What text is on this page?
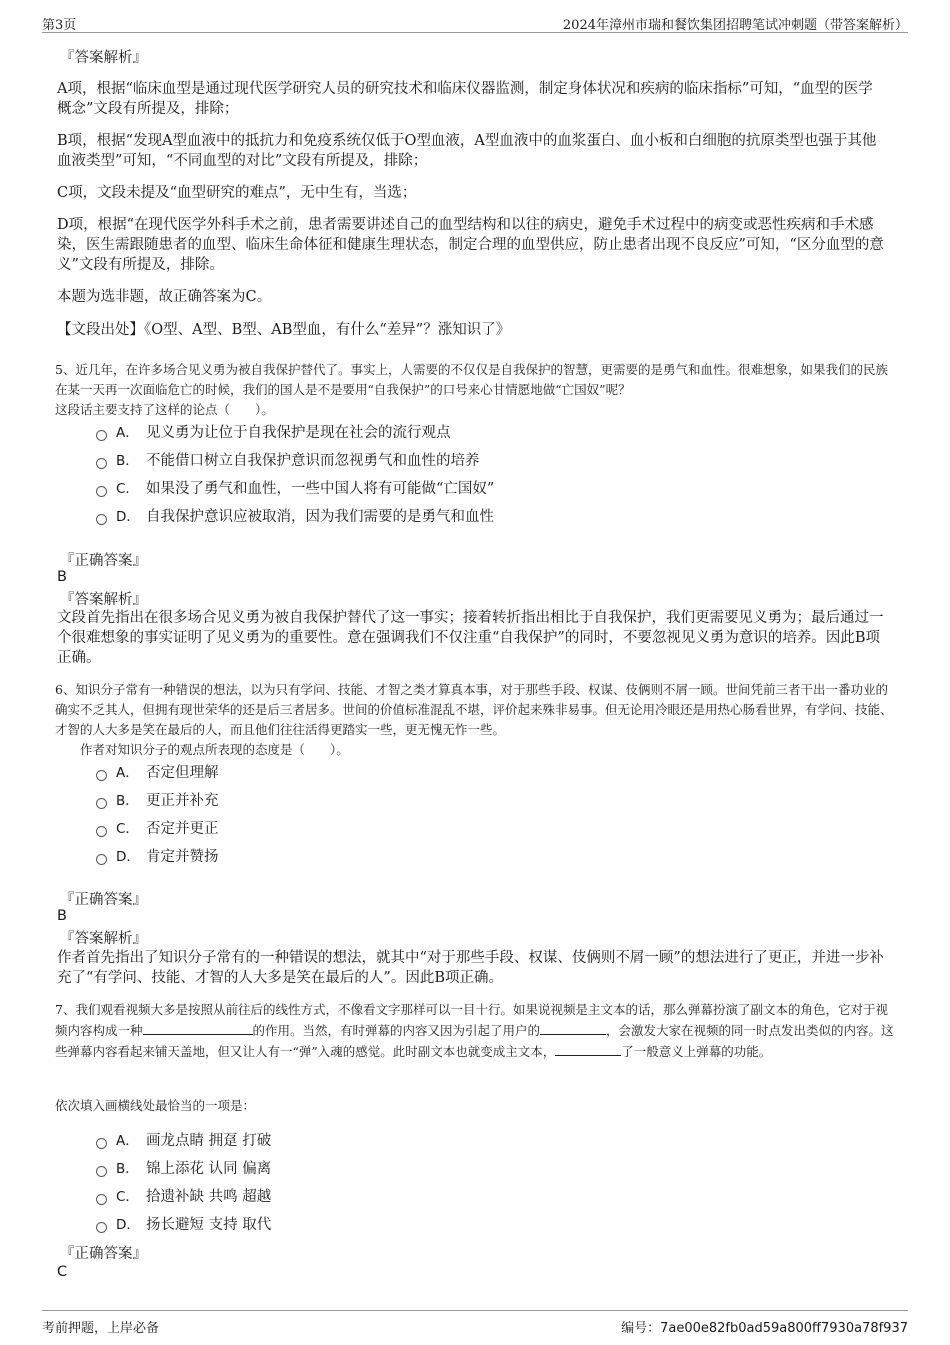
第3页	2024年漳州市瑞和餐饮集团招聘笔试冲刺题（带答案解析）
『答案解析』
A项，根据“临床血型是通过现代医学研究人员的研究技术和临床仪器监测，制定身体状况和疾病的临床指标”可知，“血型的医学概念”文段有所提及，排除；
B项，根据“发现A型血液中的抵抗力和免疫系统仅低于O型血液，A型血液中的血浆蛋白、血小板和白细胞的抗原类型也强于其他血液类型”可知，“不同血型的对比”文段有所提及，排除；
C项，文段未提及“血型研究的难点”，无中生有，当选；
D项，根据“在现代医学外科手术之前，患者需要讲述自己的血型结构和以往的病史，避免手术过程中的病变或恶性疾病和手术感染，医生需跟随患者的血型、临床生命体征和健康生理状态，制定合理的血型供应，防止患者出现不良反应”可知，“区分血型的意义”文段有所提及，排除。
本题为选非题，故正确答案为C。
【文段出处】《O型、A型、B型、AB型血，有什么“差异”？涨知识了》
5、近几年，在许多场合见义勇为被自我保护替代了。事实上，人需要的不仅仅是自我保护的智慧，更需要的是勇气和血性。很难想象，如果我们的民族在某一天再一次面临危亡的时候，我们的国人是不是要用“自我保护”的口号来心甘情愿地做“亡国奴”呢？
这段话主要支持了这样的论点（　　）。
A． 见义勇为让位于自我保护是现在社会的流行观点
B． 不能借口树立自我保护意识而忽视勇气和血性的培养
C． 如果没了勇气和血性，一些中国人将有可能做“亡国奴”
D． 自我保护意识应被取消，因为我们需要的是勇气和血性
『正确答案』
B
『答案解析』
文段首先指出在很多场合见义勇为被自我保护替代了这一事实；接着转折指出相比于自我保护，我们更需要见义勇为；最后通过一个很难想象的事实证明了见义勇为的重要性。意在强调我们不仅注重“自我保护”的同时，不要忽视见义勇为意识的培养。因此B项正确。
6、知识分子常有一种错误的想法，以为只有学问、技能、才智之类才算真本事，对于那些手段、权谋、伎俩则不屑一顾。世间凭前三者干出一番功业的确实不乏其人，但拥有现世荣华的还是后三者居多。世间的价值标准混乱不堪，评价起来殊非易事。但无论用冷眼还是用热心肠看世界，有学问、技能、才智的人大多是笑在最后的人，而且他们往往活得更踏实一些，更无愧无怍一些。
作者对知识分子的观点所表现的态度是（　　）。
A． 否定但理解
B． 更正并补充
C． 否定并更正
D． 肯定并赞扬
『正确答案』
B
『答案解析』
作者首先指出了知识分子常有的一种错误的想法，就其中“对于那些手段、权谋、伎俩则不屑一顾”的想法进行了更正，并进一步补充了“有学问、技能、才智的人大多是笑在最后的人”。因此B项正确。
7、我们观看视频大多是按照从前往后的线性方式，不像看文字那样可以一目十行。如果说视频是主文本的话，那么弹幕扮演了副文本的角色，它对于视频内容构成一种	的作用。当然，有时弹幕的内容又因为引起了用户的	，会激发大家在视频的同一时点发出类似的内容。这些弹幕内容看起来铺天盖地，但又让人有一“弹”入魂的感觉。此时副文本也就变成主文本，	了一般意义上弹幕的功能。
依次填入画横线处最恰当的一项是：
A． 画龙点睛 拥趸 打破
B． 锦上添花 认同 偏离
C． 拾遗补缺 共鸣 超越
D． 扬长避短 支持 取代
『正确答案』
C
考前押题，上岸必备	编号：7ae00e82fb0ad59a800ff7930a78f937
